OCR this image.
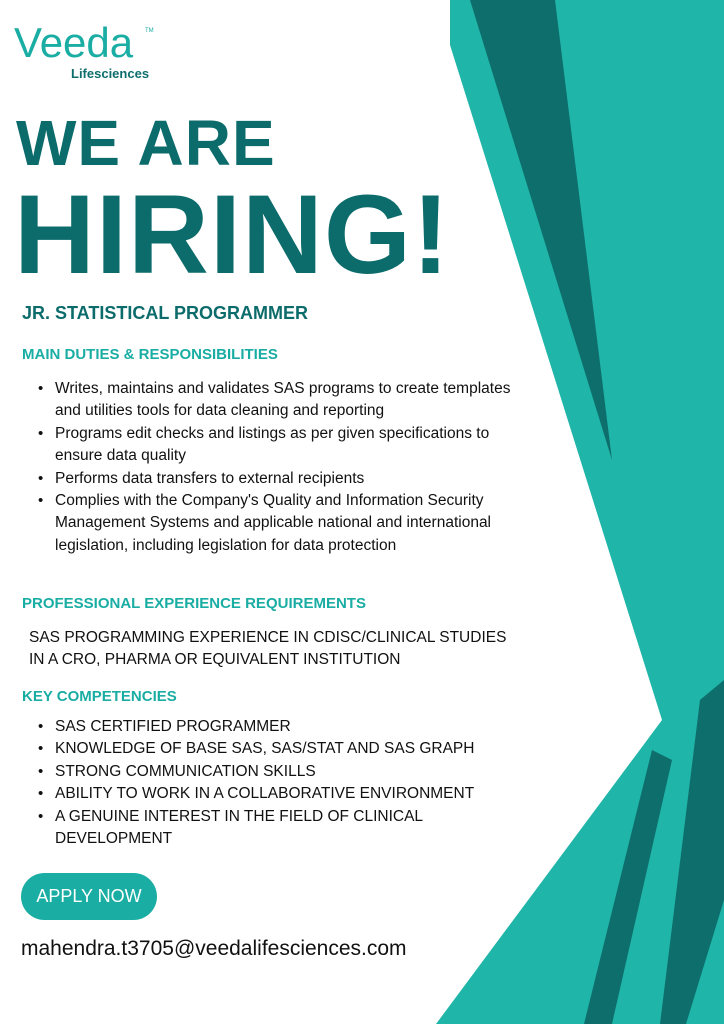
Veeda TM
Lifesciences
WE ARE
HIRING!
JR. STATISTICAL PROGRAMMER
MAIN DUTIES & RESPONSIBILITIES
• Writes, maintains and validates SAS programs to create templates and utilities tools for data cleaning and reporting
• Programs edit checks and listings as per given specifications to ensure data quality
• Performs data transfers to external recipients
• Complies with the Company's Quality and Information Security Management Systems and applicable national and international legislation, including legislation for data protection
PROFESSIONAL EXPERIENCE REQUIREMENTS

SAS PROGRAMMING EXPERIENCE IN CDISC/CLINICAL STUDIES IN A CRO, PHARMA OR EQUIVALENT INSTITUTION

KEY COMPETENCIES
• SAS CERTIFIED PROGRAMMER
• KNOWLEDGE OF BASE SAS, SAS/STAT AND SAS GRAPH
• STRONG COMMUNICATION SKILLS
• ABILITY TO WORK IN A COLLABORATIVE ENVIRONMENT
• A GENUINE INTEREST IN THE FIELD OF CLINICAL DEVELOPMENT
APPLY NOW

mahendra.t3705@veedalifesciences.com
